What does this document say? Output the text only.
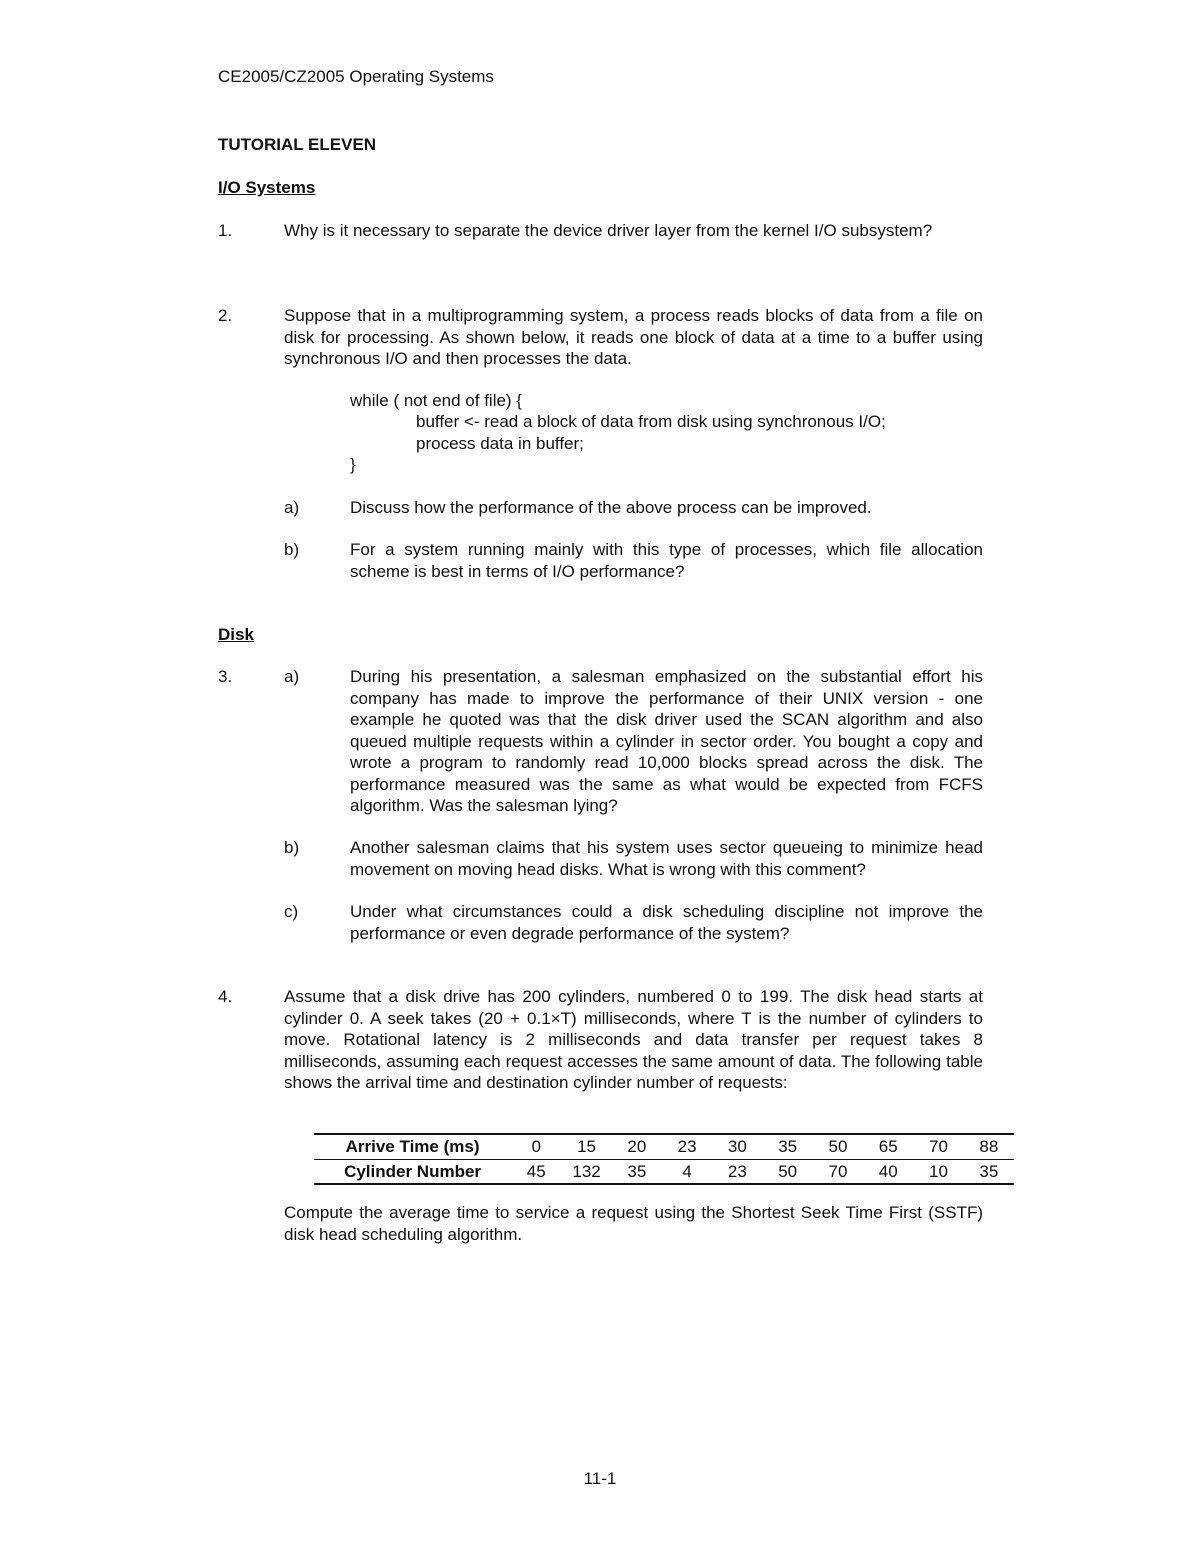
CE2005/CZ2005 Operating Systems
TUTORIAL ELEVEN
I/O Systems
1.	Why is it necessary to separate the device driver layer from the kernel I/O subsystem?
2.	Suppose that in a multiprogramming system, a process reads blocks of data from a file on disk for processing. As shown below, it reads one block of data at a time to a buffer using synchronous I/O and then processes the data.
while ( not end of file) {
buffer <- read a block of data from disk using synchronous I/O;
process data in buffer;
}
a)	Discuss how the performance of the above process can be improved.
b)	For a system running mainly with this type of processes, which file allocation scheme is best in terms of I/O performance?
Disk
3.	a)	During his presentation, a salesman emphasized on the substantial effort his company has made to improve the performance of their UNIX version - one example he quoted was that the disk driver used the SCAN algorithm and also queued multiple requests within a cylinder in sector order. You bought a copy and wrote a program to randomly read 10,000 blocks spread across the disk. The performance measured was the same as what would be expected from FCFS algorithm. Was the salesman lying?
b)	Another salesman claims that his system uses sector queueing to minimize head movement on moving head disks. What is wrong with this comment?
c)	Under what circumstances could a disk scheduling discipline not improve the performance or even degrade performance of the system?
4.	Assume that a disk drive has 200 cylinders, numbered 0 to 199. The disk head starts at cylinder 0. A seek takes (20 + 0.1×T) milliseconds, where T is the number of cylinders to move. Rotational latency is 2 milliseconds and data transfer per request takes 8 milliseconds, assuming each request accesses the same amount of data. The following table shows the arrival time and destination cylinder number of requests:
Arrive Time (ms)	0	15	20	23	30	35	50	65	70	88
Cylinder Number	45	132	35	4	23	50	70	40	10	35
Compute the average time to service a request using the Shortest Seek Time First (SSTF) disk head scheduling algorithm.
11-1
